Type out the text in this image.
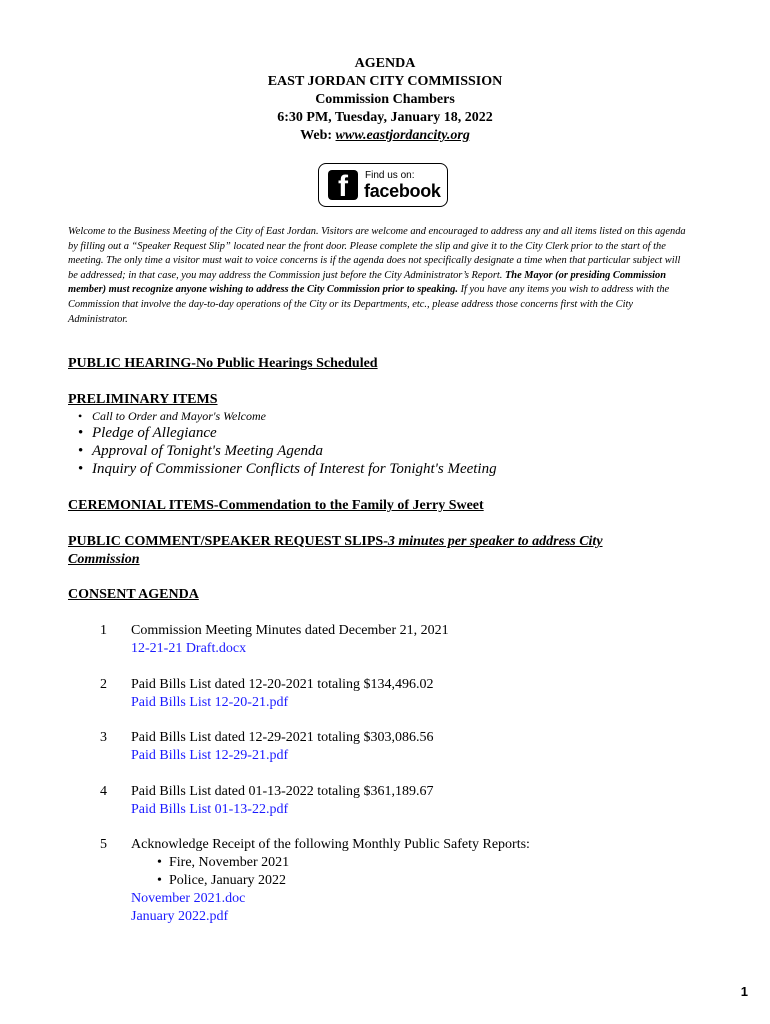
AGENDA
EAST JORDAN CITY COMMISSION
Commission Chambers
6:30 PM, Tuesday, January 18, 2022
Web: www.eastjordancity.org
f	Find us on:
facebook
Welcome to the Business Meeting of the City of East Jordan. Visitors are welcome and encouraged to address any and all items listed on this agenda by filling out a “Speaker Request Slip” located near the front door. Please complete the slip and give it to the City Clerk prior to the start of the meeting. The only time a visitor must wait to voice concerns is if the agenda does not specifically designate a time when that particular subject will be addressed; in that case, you may address the Commission just before the City Administrator’s Report. The Mayor (or presiding Commission member) must recognize anyone wishing to address the City Commission prior to speaking. If you have any items you wish to address with the Commission that involve the day-to-day operations of the City or its Departments, etc., please address those concerns first with the City Administrator.
PUBLIC HEARING-No Public Hearings Scheduled
PRELIMINARY ITEMS
• Call to Order and Mayor's Welcome
• Pledge of Allegiance
• Approval of Tonight's Meeting Agenda
• Inquiry of Commissioner Conflicts of Interest for Tonight's Meeting
CEREMONIAL ITEMS-Commendation to the Family of Jerry Sweet
PUBLIC COMMENT/SPEAKER REQUEST SLIPS-3 minutes per speaker to address City Commission
CONSENT AGENDA
1 Commission Meeting Minutes dated December 21, 2021
12-21-21 Draft.docx
2 Paid Bills List dated 12-20-2021 totaling $134,496.02
Paid Bills List 12-20-21.pdf
3 Paid Bills List dated 12-29-2021 totaling $303,086.56
Paid Bills List 12-29-21.pdf
4 Paid Bills List dated 01-13-2022 totaling $361,189.67
Paid Bills List 01-13-22.pdf
5 Acknowledge Receipt of the following Monthly Public Safety Reports:
• Fire, November 2021
• Police, January 2022
November 2021.doc
January 2022.pdf
1
